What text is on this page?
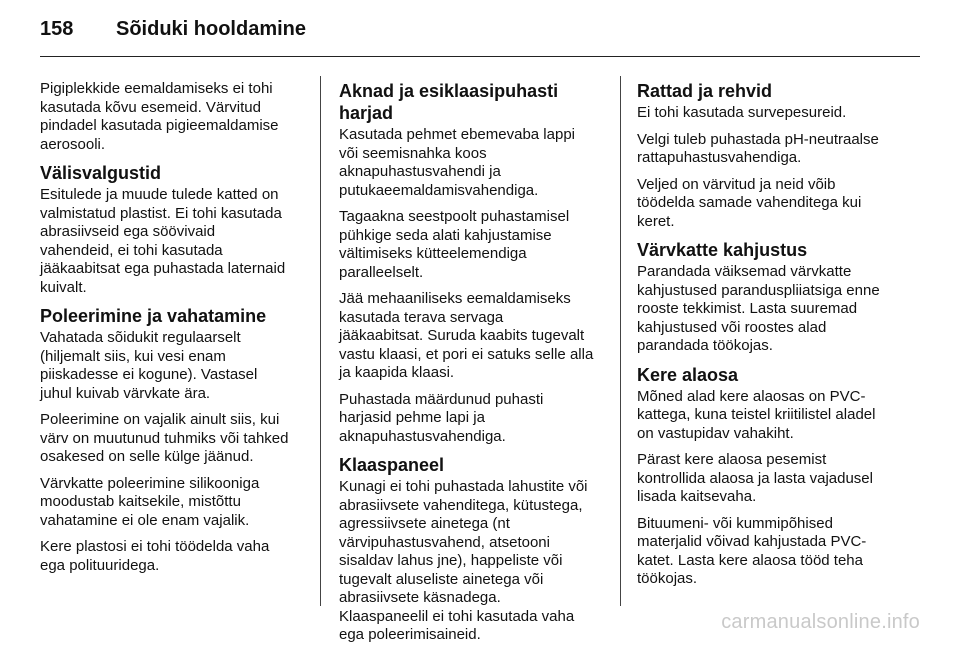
158	Sõiduki hooldamine

Pigiplekkide eemaldamiseks ei tohi
kasutada kõvu esemeid. Värvitud
pindadel kasutada pigieemaldamise
aerosooli.

Välisvalgustid

Esitulede ja muude tulede katted on
valmistatud plastist. Ei tohi kasutada
abrasiivseid ega söövivaid
vahendeid, ei tohi kasutada
jääkaabitsat ega puhastada laternaid
kuivalt.

Poleerimine ja vahatamine

Vahatada sõidukit regulaarselt
(hiljemalt siis, kui vesi enam
piiskadesse ei kogune). Vastasel
juhul kuivab värvkate ära.

Poleerimine on vajalik ainult siis, kui
värv on muutunud tuhmiks või tahked
osakesed on selle külge jäänud.

Värvkatte poleerimine silikooniga
moodustab kaitsekile, mistõttu
vahatamine ei ole enam vajalik.

Kere plastosi ei tohi töödelda vaha
ega polituuridega.

Aknad ja esiklaasipuhasti harjad

Kasutada pehmet ebemevaba lappi
või seemisnahka koos
aknapuhastusvahendi ja
putukaeemaldamisvahendiga.

Tagaakna seestpoolt puhastamisel
pühkige seda alati kahjustamise
vältimiseks kütteelemendiga
paralleelselt.

Jää mehaaniliseks eemaldamiseks
kasutada terava servaga
jääkaabitsat. Suruda kaabits tugevalt
vastu klaasi, et pori ei satuks selle alla
ja kaapida klaasi.

Puhastada määrdunud puhasti
harjasid pehme lapi ja
aknapuhastusvahendiga.

Klaaspaneel

Kunagi ei tohi puhastada lahustite või
abrasiivsete vahenditega, kütustega,
agressiivsete ainetega (nt
värvipuhastusvahend, atsetooni
sisaldav lahus jne), happeliste või
tugevalt aluseliste ainetega või
abrasiivsete käsnadega.
Klaaspaneelil ei tohi kasutada vaha
ega poleerimisaineid.

Rattad ja rehvid

Ei tohi kasutada survepesureid.

Velgi tuleb puhastada pH-neutraalse
rattapuhastusvahendiga.

Veljed on värvitud ja neid võib
töödelda samade vahenditega kui
keret.

Värvkatte kahjustus

Parandada väiksemad värvkatte
kahjustused paranduspliiatsiga enne
rooste tekkimist. Lasta suuremad
kahjustused või roostes alad
parandada töökojas.

Kere alaosa

Mõned alad kere alaosas on PVC-
kattega, kuna teistel kriitilistel aladel
on vastupidav vahakiht.

Pärast kere alaosa pesemist
kontrollida alaosa ja lasta vajadusel
lisada kaitsevaha.

Bituumeni- või kummipõhised
materjalid võivad kahjustada PVC-
katet. Lasta kere alaosa tööd teha
töökojas.

carmanualsonline.info
